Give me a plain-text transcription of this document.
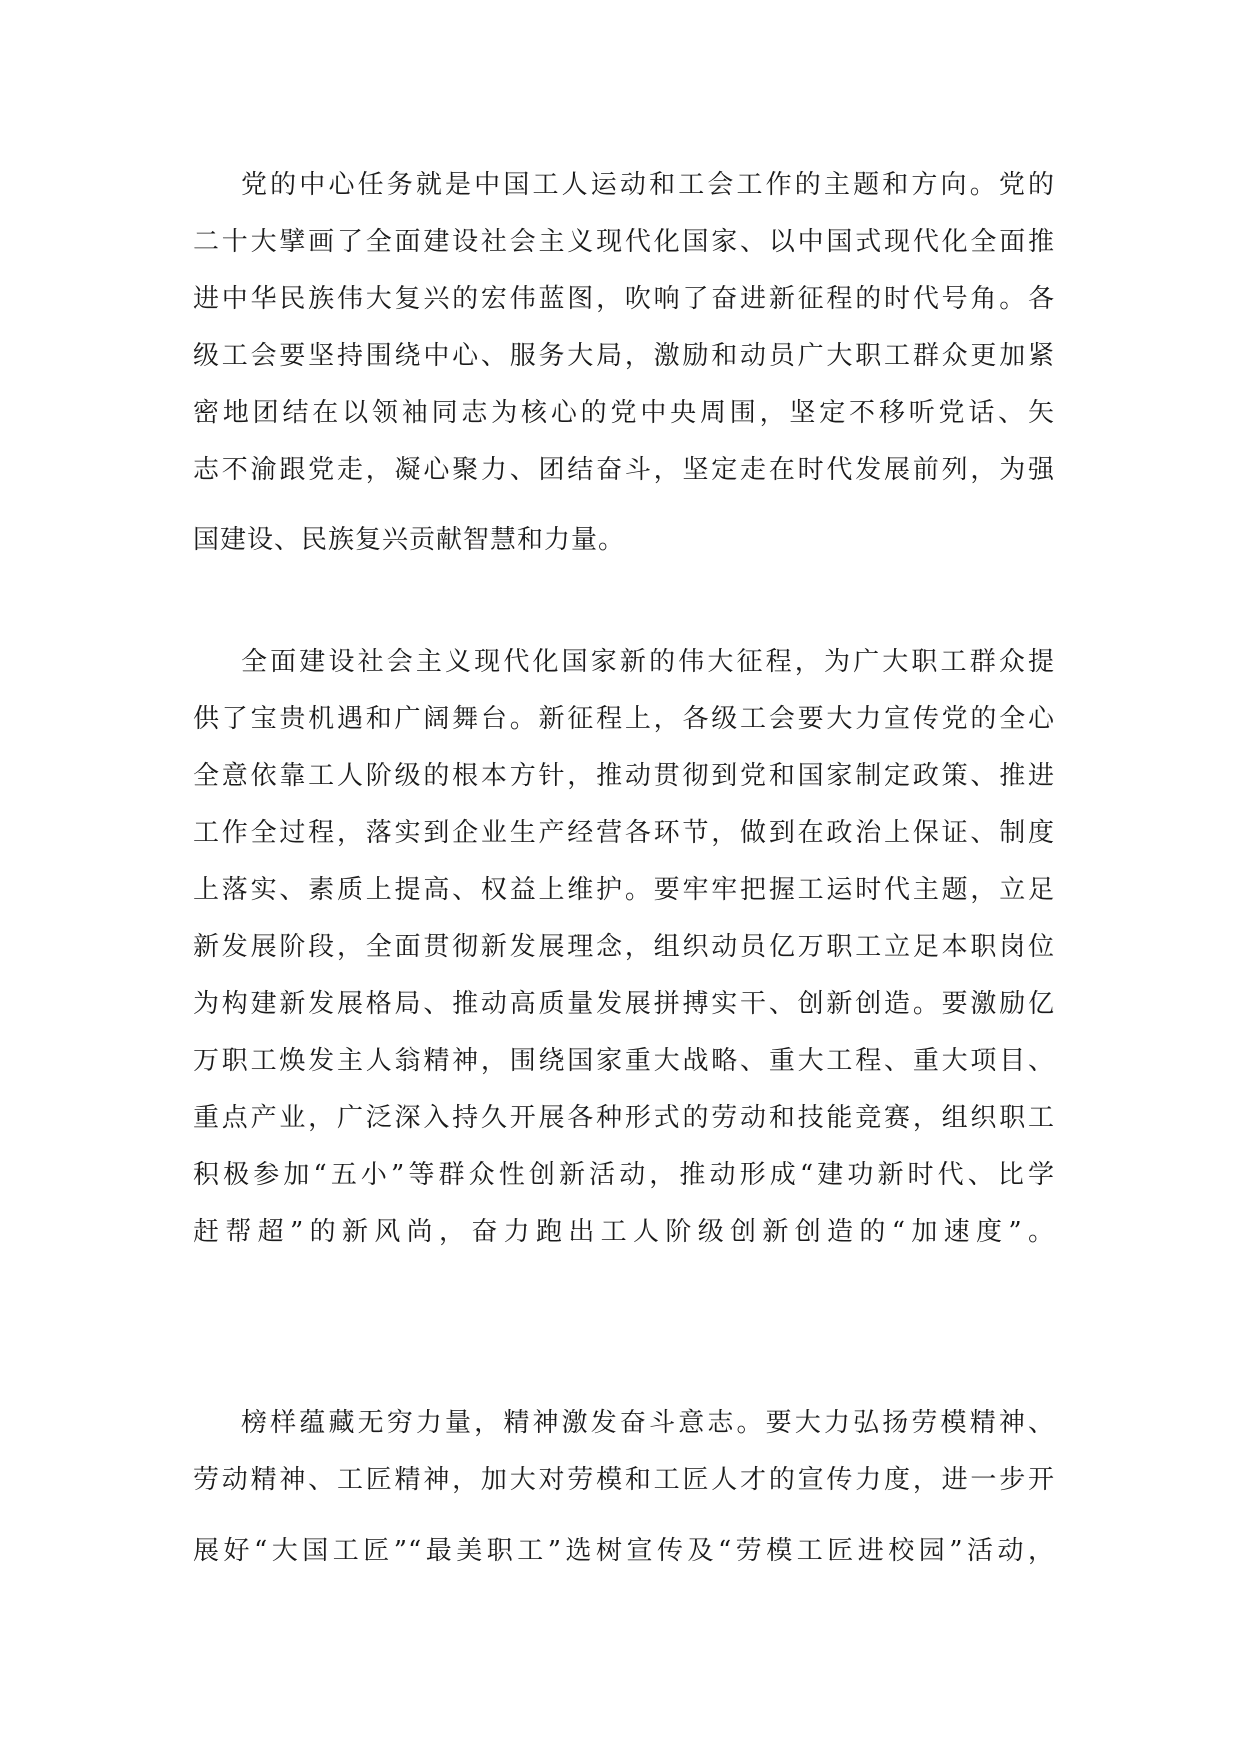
党的中心任务就是中国工人运动和工会工作的主题和方向。党的

二十大擘画了全面建设社会主义现代化国家、以中国式现代化全面推

进中华民族伟大复兴的宏伟蓝图，吹响了奋进新征程的时代号角。各

级工会要坚持围绕中心、服务大局，激励和动员广大职工群众更加紧

密地团结在以领袖同志为核心的党中央周围，坚定不移听党话、矢

志不渝跟党走，凝心聚力、团结奋斗，坚定走在时代发展前列，为强

国建设、民族复兴贡献智慧和力量。

全面建设社会主义现代化国家新的伟大征程，为广大职工群众提

供了宝贵机遇和广阔舞台。新征程上，各级工会要大力宣传党的全心

全意依靠工人阶级的根本方针，推动贯彻到党和国家制定政策、推进

工作全过程，落实到企业生产经营各环节，做到在政治上保证、制度

上落实、素质上提高、权益上维护。要牢牢把握工运时代主题，立足

新发展阶段，全面贯彻新发展理念，组织动员亿万职工立足本职岗位

为构建新发展格局、推动高质量发展拼搏实干、创新创造。要激励亿

万职工焕发主人翁精神，围绕国家重大战略、重大工程、重大项目、

重点产业，广泛深入持久开展各种形式的劳动和技能竞赛，组织职工

积极参加“五小”等群众性创新活动，推动形成“建功新时代、比学

赶帮超”的新风尚，奋力跑出工人阶级创新创造的“加速度”。

榜样蕴藏无穷力量，精神激发奋斗意志。要大力弘扬劳模精神、

劳动精神、工匠精神，加大对劳模和工匠人才的宣传力度，进一步开

展好“大国工匠”“最美职工”选树宣传及“劳模工匠进校园”活动，
